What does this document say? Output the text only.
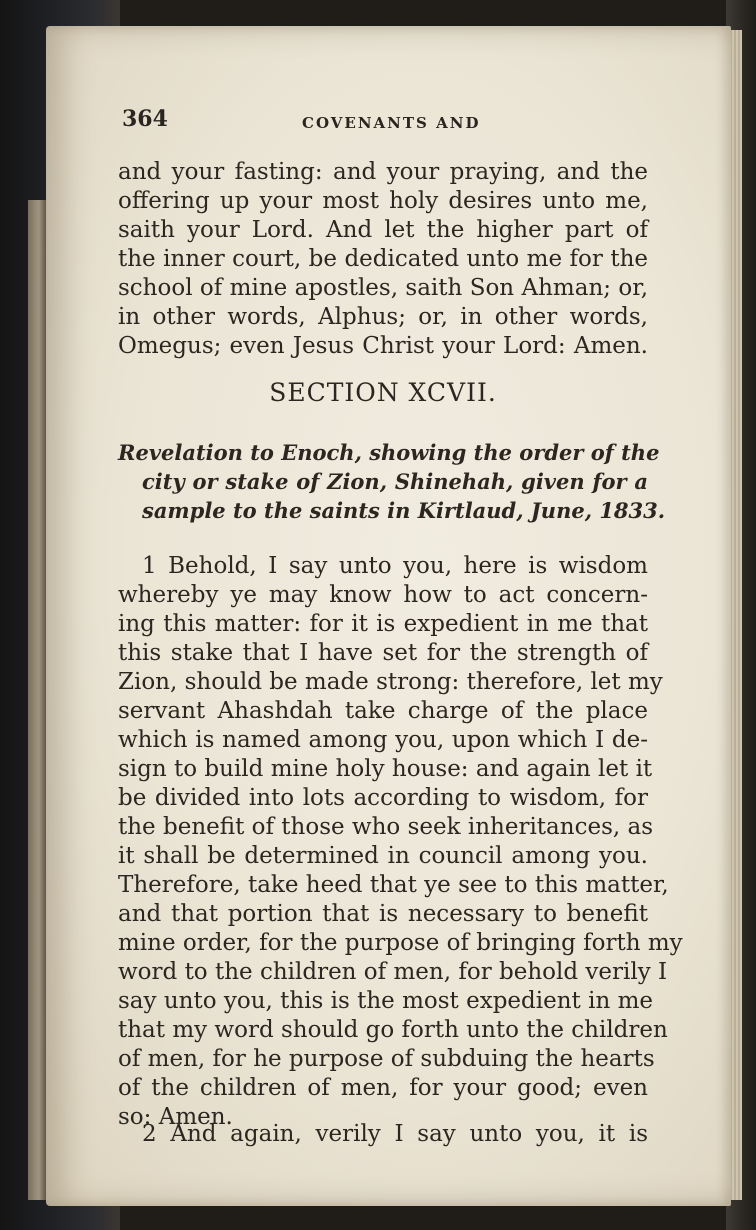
364	COVENANTS AND
and your fasting: and your praying, and the
offering up your most holy desires unto me,
saith your Lord. And let the higher part of
the inner court, be dedicated unto me for the
school of mine apostles, saith Son Ahman; or,
in other words, Alphus; or, in other words,
Omegus; even Jesus Christ your Lord: Amen.
SECTION XCVII.
Revelation to Enoch, showing the order of the
city or stake of Zion, Shinehah, given for a
sample to the saints in Kirtlaud, June, 1833.
1 Behold, I say unto you, here is wisdom
whereby ye may know how to act concern-
ing this matter: for it is expedient in me that
this stake that I have set for the strength of
Zion, should be made strong: therefore, let my
servant Ahashdah take charge of the place
which is named among you, upon which I de-
sign to build mine holy house: and again let it
be divided into lots according to wisdom, for
the benefit of those who seek inheritances, as
it shall be determined in council among you.
Therefore, take heed that ye see to this matter,
and that portion that is necessary to benefit
mine order, for the purpose of bringing forth my
word to the children of men, for behold verily I
say unto you, this is the most expedient in me
that my word should go forth unto the children
of men, for he purpose of subduing the hearts
of the children of men, for your good; even
so: Amen.
2 And again, verily I say unto you, it is
